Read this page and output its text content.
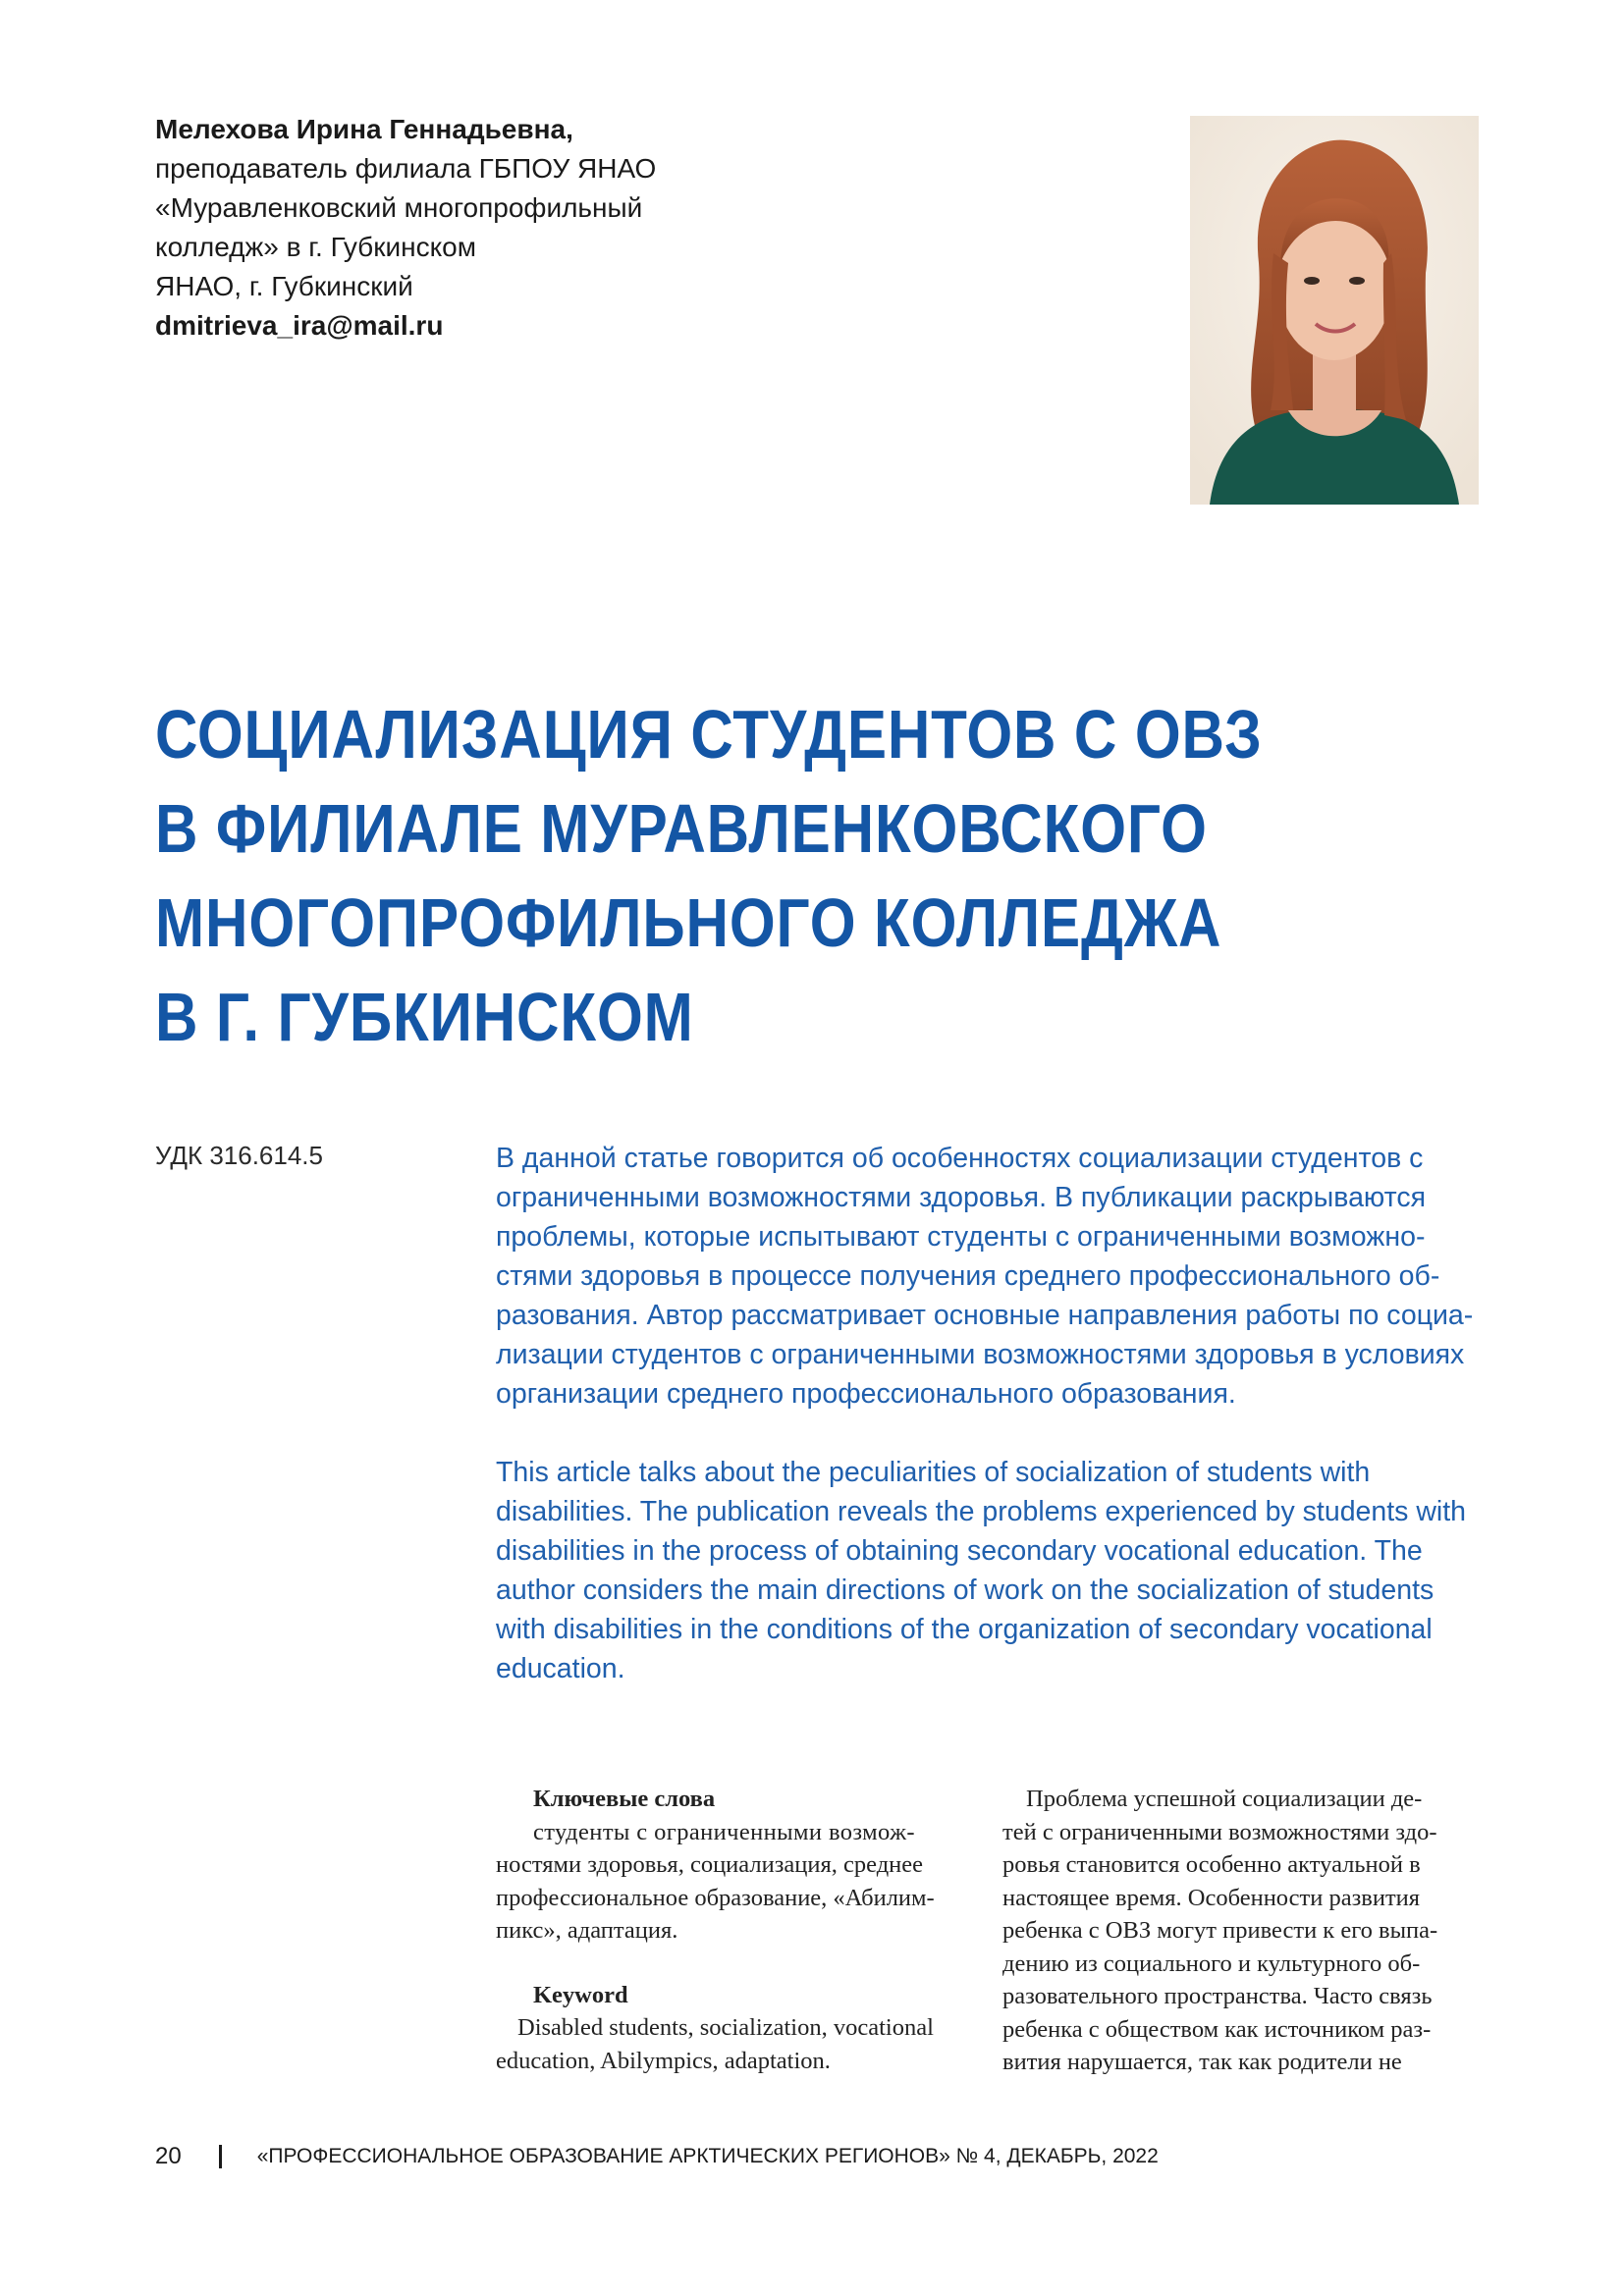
Мелехова Ирина Геннадьевна,
преподаватель филиала ГБПОУ ЯНАО
«Муравленковский многопрофильный
колледж» в г. Губкинском
ЯНАО, г. Губкинский
dmitrieva_ira@mail.ru
СОЦИАЛИЗАЦИЯ СТУДЕНТОВ С ОВЗ
В ФИЛИАЛЕ МУРАВЛЕНКОВСКОГО
МНОГОПРОФИЛЬНОГО КОЛЛЕДЖА
В Г. ГУБКИНСКОМ
УДК 316.614.5	В данной статье говорится об особенностях социализации студентов с
ограниченными возможностями здоровья. В публикации раскрываются
проблемы, которые испытывают студенты с ограниченными возможно-
стями здоровья в процессе получения среднего профессионального об-
разования. Автор рассматривает основные направления работы по социа-
лизации студентов с ограниченными возможностями здоровья в условиях
организации среднего профессионального образования.
This article talks about the peculiarities of socialization of students with
disabilities. The publication reveals the problems experienced by students with
disabilities in the process of obtaining secondary vocational education. The
author considers the main directions of work on the socialization of students
with disabilities in the conditions of the organization of secondary vocational
education.
Ключевые слова
студенты с ограниченными возмож-
ностями здоровья, социализация, среднее
профессиональное образование, «Абилим-
пикс», адаптация.
Keyword
Disabled students, socialization, vocational
education, Abilympics, adaptation.
Проблема успешной социализации де-
тей с ограниченными возможностями здо-
ровья становится особенно актуальной в
настоящее время. Особенности развития
ребенка с ОВЗ могут привести к его выпа-
дению из социального и культурного об-
разовательного пространства. Часто связь
ребенка с обществом как источником раз-
вития нарушается, так как родители не
20	«ПРОФЕССИОНАЛЬНОЕ ОБРАЗОВАНИЕ АРКТИЧЕСКИХ РЕГИОНОВ» № 4, ДЕКАБРЬ, 2022
